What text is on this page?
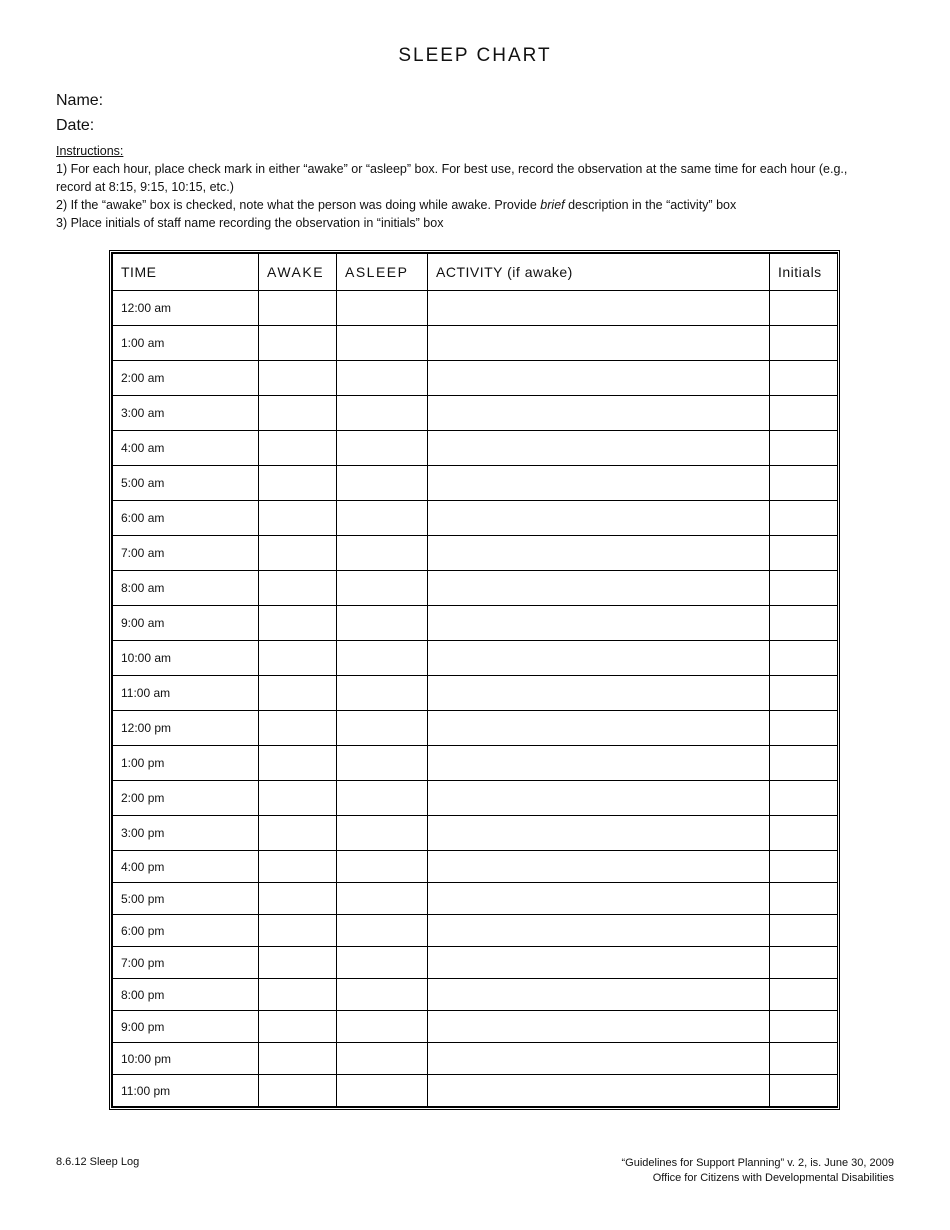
SLEEP CHART
Name:
Date:
Instructions:

1) For each hour, place check mark in either “awake” or “asleep” box. For best use, record the observation at the same time for each hour (e.g., record at 8:15, 9:15, 10:15, etc.)

2) If the “awake” box is checked, note what the person was doing while awake. Provide brief description in the “activity” box

3) Place initials of staff name recording the observation in “initials” box

TIME	AWAKE	ASLEEP	ACTIVITY (if awake)	Initials
12:00 am				
1:00 am				
2:00 am				
3:00 am				
4:00 am				
5:00 am				
6:00 am				
7:00 am				
8:00 am				
9:00 am				
10:00 am				
11:00 am				
12:00 pm				
1:00 pm				
2:00 pm				
3:00 pm				
4:00 pm				
5:00 pm				
6:00 pm				
7:00 pm				
8:00 pm				
9:00 pm				
10:00 pm				
11:00 pm				
8.6.12 Sleep Log	“Guidelines for Support Planning” v. 2, is. June 30, 2009
Office for Citizens with Developmental Disabilities
